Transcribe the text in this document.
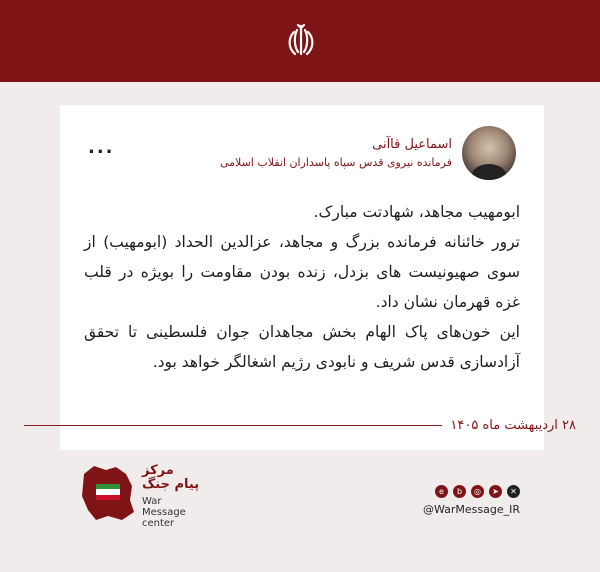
اسماعیل قاآنی
فرمانده نیروی قدس سپاه پاسداران انقلاب اسلامی
...
ابومهیب مجاهد، شهادتت مبارک.
ترور خائنانه فرمانده بزرگ و مجاهد، عزالدین الحداد (ابومهیب) از سوی صهیونیست های بزدل، زنده بودن مقاومت را بویژه در قلب غزه قهرمان نشان داد.
این خون‌های پاک الهام بخش مجاهدان جوان فلسطینی تا تحقق آزادسازی قدس شریف و نابودی رژیم اشغالگر خواهد بود.
۲۸ اردیبهشت ماه ۱۴۰۵
مرکز
پیام جنگ
War Message
center
e	b	◎	➤	✕
@WarMessage_IR
